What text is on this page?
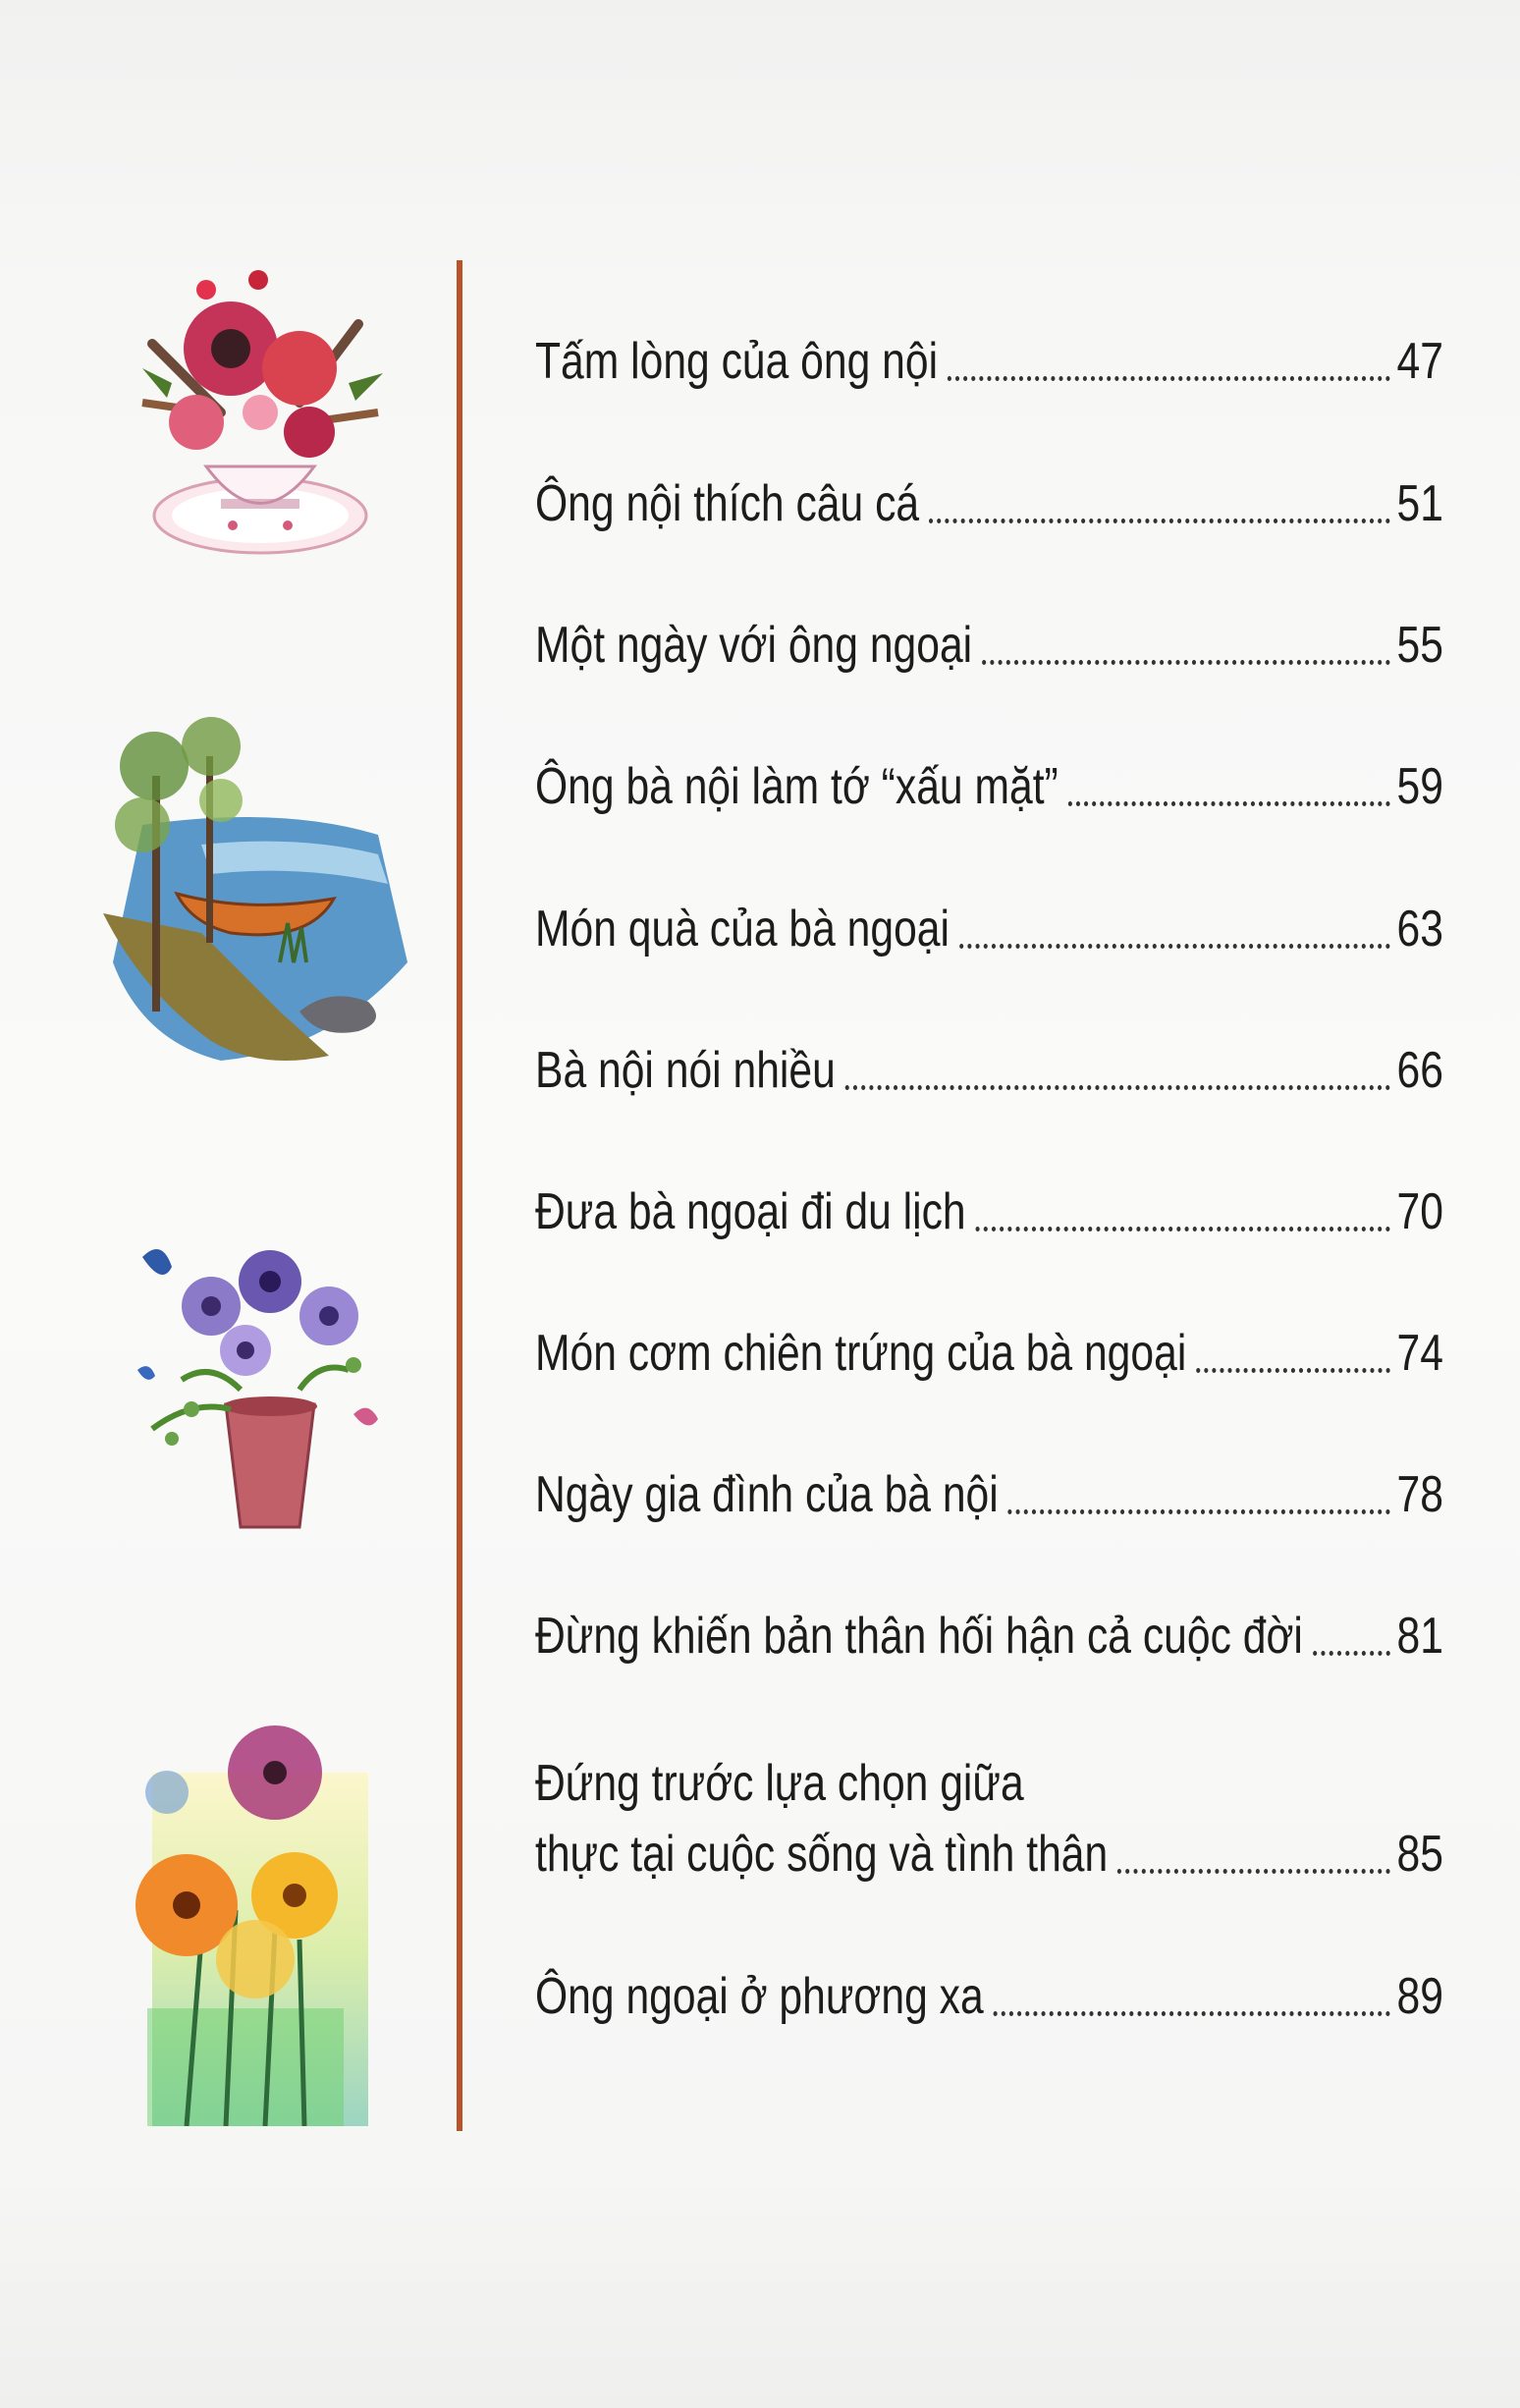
Tấm lòng của ông nội	47
Ông nội thích câu cá	51
Một ngày với ông ngoại	55
Ông bà nội làm tớ “xấu mặt”	59
Món quà của bà ngoại	63
Bà nội nói nhiều	66
Đưa bà ngoại đi du lịch	70
Món cơm chiên trứng của bà ngoại	74
Ngày gia đình của bà nội	78
Đừng khiến bản thân hối hận cả cuộc đời 81
Đứng trước lựa chọn giữa
thực tại cuộc sống và tình thân	85
Ông ngoại ở phương xa	89
